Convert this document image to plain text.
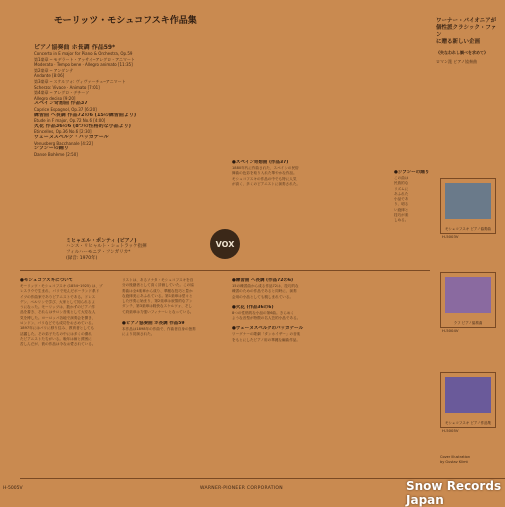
モーリッツ・モシュコフスキ作品集
ピアノ協奏曲 ホ長調 作品59*
Concerto in E major for Piano & Orchestra, Op.59
第1楽章 ─ モデラート・アッサイ─アレグロ・アニマート
Moderato · Tempo bene · Allegro animato [11:35]
第2楽章 ─ アンダンテ
Andante [8:06]
第3楽章 ─ スケルツォ: ヴィヴァーチェ─アニマート
Scherzo: Vivace · Animato [7:01]
第4楽章 ─ アレグロ・デチーソ
Allegro deciso [9:20]
スペイン奇想曲 作品37
Caprice Espagnol, Op.37 [6:20]
練習曲 へ長調 作品72の6 (15の練習曲より)
Etude in F major, Op.72 No.6 [4:00]
火花 作品36の6 (8つの性格的な小品より)
Etincelles, Op.36 No.6 [2:30]
ヴェーヌスベルク・バッカナール
Venusberg Bacchanale [4:22]
ジプシーの踊り
Danse Bohème [2:50]
ミヒャエル・ポンティ (ピアノ)
ハンス・リヒャルト・シュトラッケ指揮
フィルハーモニア・フンガリカ*
(録音: 1970年)
VOX
●モシュコフスキについて
モーリッツ・モシュコフスキ (1854─1925) は、ブ
レスラウで生まれ、パリで死んだポーランド系ド
イツの作曲家でありピアニストである。ドレス
デン、ベルリンで学び、大家として知られるよ
うになった。モーリッツは、数かずのピアノ作
品を書き、それらはサロン音楽として大変な人
気を博した。ヨーロッパ各地で演奏会を開き、
ロンドン、パリなどでも成功をおさめている。
1897年にはパリに移り住み、教育者としても
活躍した。その弟子たちの中には多くの優れ
たピアニストたちがいる。晩年は病と貧困に
苦しんだが、彼の作品は今なお愛されている。
リストは、あるソナタ・モシュコフスキを自
分の後継者として高く評価していた。この協
奏曲は全4楽章から成り、華麗な技巧と豊か
な旋律美にあふれている。第1楽章は堂々と
した序奏に始まり、第2楽章は叙情的なアン
ダンテ、第3楽章は軽快なスケルツォ、そし
て終楽章は力強いフィナーレとなっている。
●ピアノ協奏曲 ホ長調 作品59
本作品は1898年の作曲で、作曲者自身の独奏
により初演された。
●スペイン奇想曲 (作品37)
1880年代に作曲された、スペインの民俗
舞曲の色彩を取り入れた華やかな作品。
モシュコフスキの作品の中でも特に人気
が高く、多くのピアニストに演奏された。
●練習曲 へ長調 (作品72の6)
15の練習曲から成る作品72は、技巧的な
練習のための作品であると同時に、演奏
会用の小品としても親しまれている。
●火花 (作品36の6)
8つの性格的な小品の第6曲。きらめく
ような音型が特徴の名人芸的小品である。
●ヴェーヌスベルクのバッカナール
ワーグナーの歌劇「タンホイザー」の音楽
をもとにしたピアノ用の華麗な編曲作品。
●ジプシーの踊り
この曲は
民族的な
リズムに
あふれた
小品であ
り、明る
い旋律と
技巧が楽
しめる。
ワーナー・パイオニアが
個性派クラシック・ファン
に贈る新しい企画
《失なわれし調べを求めて》
ロマン派 ピアノ協奏曲
モシュコフスキ ピアノ協奏曲
H-5003V
ラフ ピアノ協奏曲
H-5004V
モシュコフスキ ピアノ作品集
H-5005V
Cover Illustration
by Gustav Klimt
H-5005V	WARNER-PIONEER CORPORATION	Snow Records Japan
